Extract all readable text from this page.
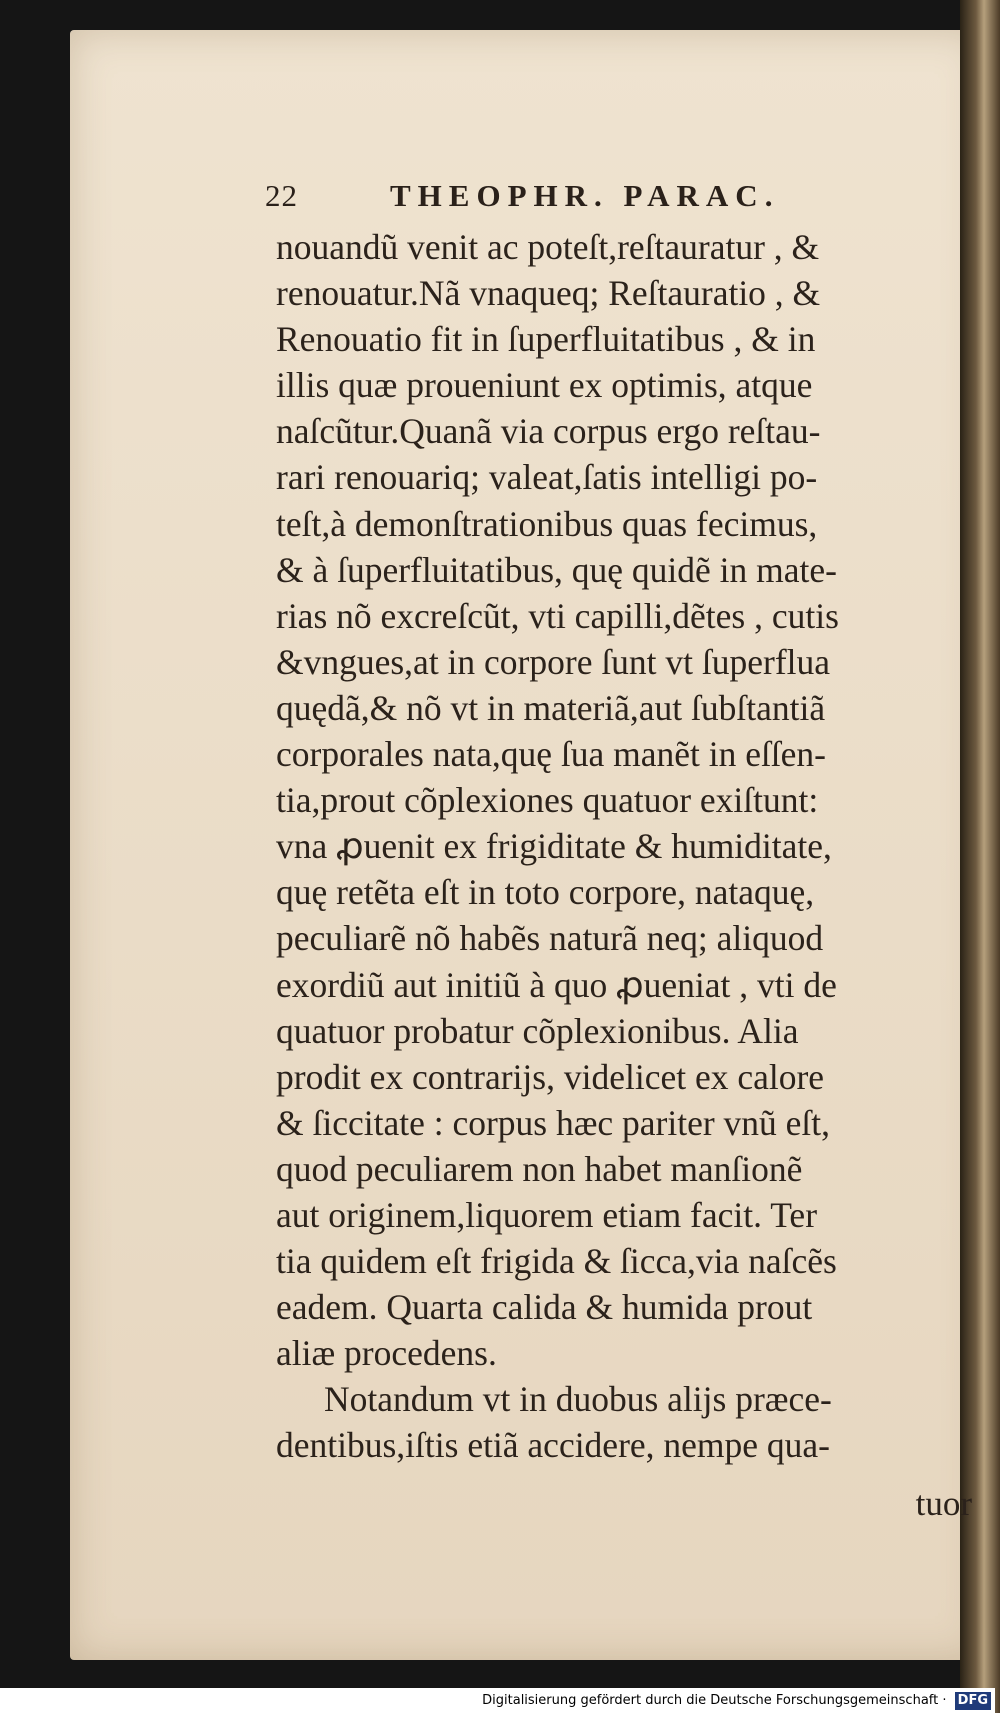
22	THEOPHR. PARAC.
nouandũ venit ac poteſt,reſtauratur , &
renouatur.Nã vnaqueq; Reſtauratio , &
Renouatio fit in ſuperfluitatibus , & in
illis quæ proueniunt ex optimis, atque
naſcũtur.Quanã via corpus ergo reſtau-
rari renouariq; valeat,ſatis intelligi po-
teſt,à demonſtrationibus quas fecimus,
& à ſuperfluitatibus, quę quidẽ in mate-
rias nõ excreſcũt, vti capilli,dẽtes , cutis
&vngues,at in corpore ſunt vt ſuperflua
quędã,& nõ vt in materiã,aut ſubſtantiã
corporales nata,quę ſua manẽt in eſſen-
tia,prout cõplexiones quatuor exiſtunt:
vna ꝓuenit ex frigiditate & humiditate,
quę retẽta eſt in toto corpore, nataquę,
peculiarẽ nõ habẽs naturã neq; aliquod
exordiũ aut initiũ à quo ꝓueniat , vti de
quatuor probatur cõplexionibus. Alia
prodit ex contrarijs, videlicet ex calore
& ſiccitate : corpus hæc pariter vnũ eſt,
quod peculiarem non habet manſionẽ
aut originem,liquorem etiam facit. Ter
tia quidem eſt frigida & ſicca,via naſcẽs
eadem. Quarta calida & humida prout
aliæ procedens.
Notandum vt in duobus alijs præce-
dentibus,iſtis etiã accidere, nempe qua-
tuor
Digitalisierung gefördert durch die Deutsche Forschungsgemeinschaft · DFG
